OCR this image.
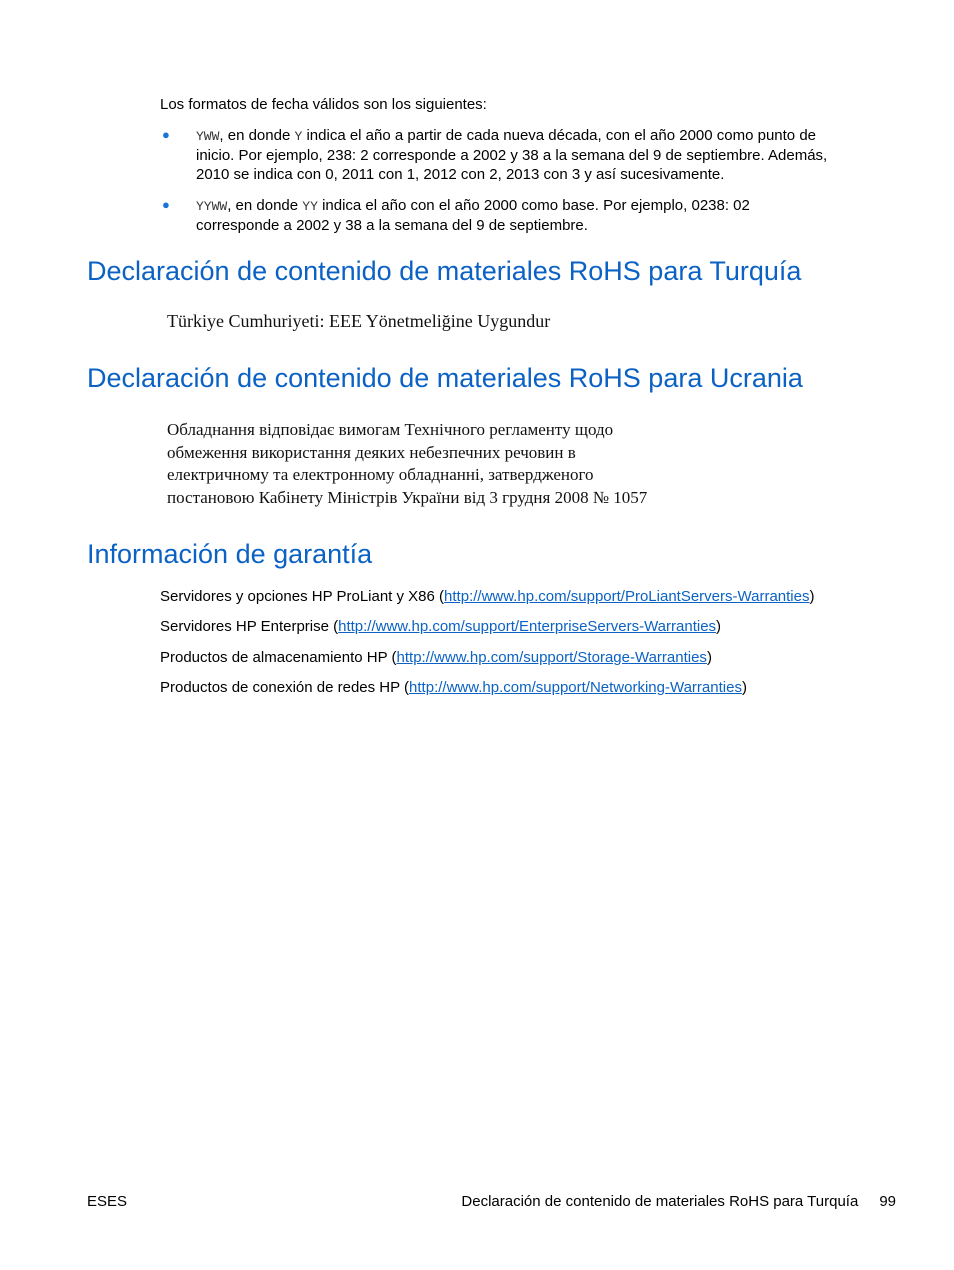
Los formatos de fecha válidos son los siguientes:
● YWW, en donde Y indica el año a partir de cada nueva década, con el año 2000 como punto de
inicio. Por ejemplo, 238: 2 corresponde a 2002 y 38 a la semana del 9 de septiembre. Además,
2010 se indica con 0, 2011 con 1, 2012 con 2, 2013 con 3 y así sucesivamente.
● YYWW, en donde YY indica el año con el año 2000 como base. Por ejemplo, 0238: 02
corresponde a 2002 y 38 a la semana del 9 de septiembre.
Declaración de contenido de materiales RoHS para Turquía
Türkiye Cumhuriyeti: EEE Yönetmeliğine Uygundur
Declaración de contenido de materiales RoHS para Ucrania
Обладнання відповідає вимогам Технічного регламенту щодо
обмеження використання деяких небезпечних речовин в
електричному та електронному обладнанні, затвердженого
постановою Кабінету Міністрів України від 3 грудня 2008 № 1057
Información de garantía
Servidores y opciones HP ProLiant y X86 (http://www.hp.com/support/ProLiantServers-Warranties)
Servidores HP Enterprise (http://www.hp.com/support/EnterpriseServers-Warranties)
Productos de almacenamiento HP (http://www.hp.com/support/Storage-Warranties)
Productos de conexión de redes HP (http://www.hp.com/support/Networking-Warranties)
ESES	Declaración de contenido de materiales RoHS para Turquía 99
